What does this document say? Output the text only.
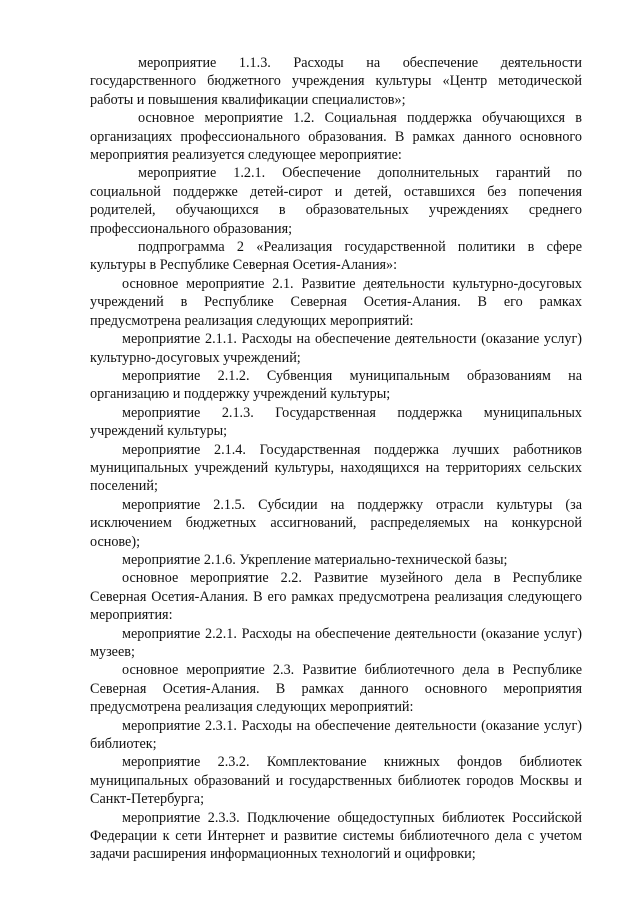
мероприятие 1.1.3. Расходы на обеспечение деятельности государственного бюджетного учреждения культуры «Центр методической работы и повышения квалификации специалистов»;

основное мероприятие 1.2. Социальная поддержка обучающихся в организациях профессионального образования. В рамках данного основного мероприятия реализуется следующее мероприятие:

мероприятие 1.2.1. Обеспечение дополнительных гарантий по социальной поддержке детей-сирот и детей, оставшихся без попечения родителей, обучающихся в образовательных учреждениях среднего профессионального образования;

подпрограмма 2 «Реализация государственной политики в сфере культуры в Республике Северная Осетия-Алания»:

основное мероприятие 2.1. Развитие деятельности культурно-досуговых учреждений в Республике Северная Осетия-Алания. В его рамках предусмотрена реализация следующих мероприятий:

мероприятие 2.1.1. Расходы на обеспечение деятельности (оказание услуг) культурно-досуговых учреждений;

мероприятие 2.1.2. Субвенция муниципальным образованиям на организацию и поддержку учреждений культуры;

мероприятие 2.1.3. Государственная поддержка муниципальных учреждений культуры;

мероприятие 2.1.4. Государственная поддержка лучших работников муниципальных учреждений культуры, находящихся на территориях сельских поселений;

мероприятие 2.1.5. Субсидии на поддержку отрасли культуры (за исключением бюджетных ассигнований, распределяемых на конкурсной основе);

мероприятие 2.1.6. Укрепление материально-технической базы;

основное мероприятие 2.2. Развитие музейного дела в Республике Северная Осетия-Алания. В его рамках предусмотрена реализация следующего мероприятия:

мероприятие 2.2.1. Расходы на обеспечение деятельности (оказание услуг) музеев;

основное мероприятие 2.3. Развитие библиотечного дела в Республике Северная Осетия-Алания. В рамках данного основного мероприятия предусмотрена реализация следующих мероприятий:

мероприятие 2.3.1. Расходы на обеспечение деятельности (оказание услуг) библиотек;

мероприятие 2.3.2. Комплектование книжных фондов библиотек муниципальных образований и государственных библиотек городов Москвы и Санкт-Петербурга;

мероприятие 2.3.3. Подключение общедоступных библиотек Российской Федерации к сети Интернет и развитие системы библиотечного дела с учетом задачи расширения информационных технологий и оцифровки;
